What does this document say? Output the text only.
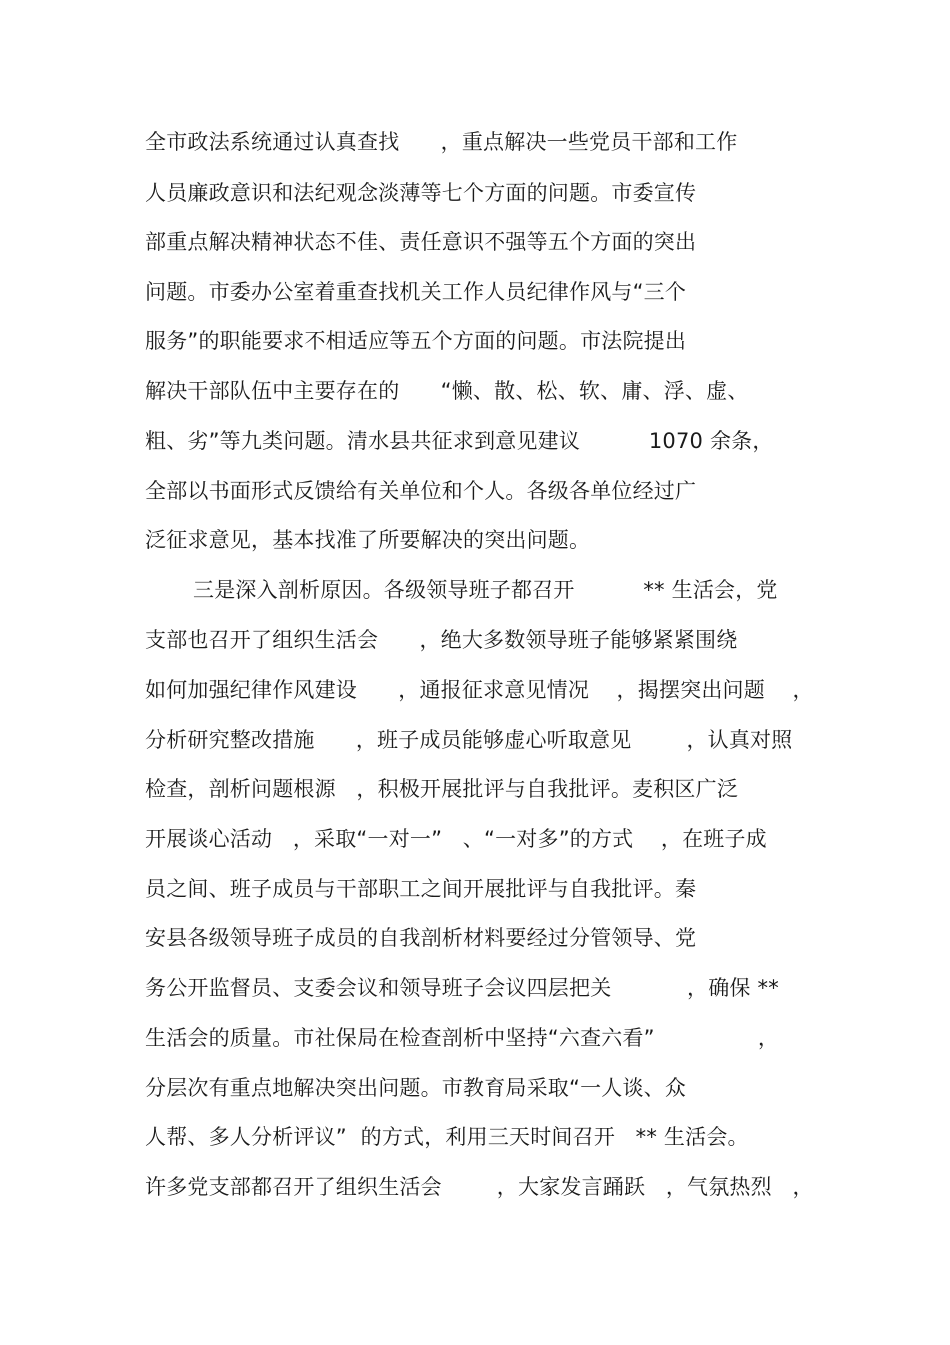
全市政法系统通过认真查找      ，重点解决一些党员干部和工作
人员廉政意识和法纪观念淡薄等七个方面的问题。市委宣传
部重点解决精神状态不佳、责任意识不强等五个方面的突出
问题。市委办公室着重查找机关工作人员纪律作风与“三个
服务”的职能要求不相适应等五个方面的问题。市法院提出
解决干部队伍中主要存在的      “懒、散、松、软、庸、浮、虚、
粗、劣”等九类问题。清水县共征求到意见建议          1070 余条，
全部以书面形式反馈给有关单位和个人。各级各单位经过广
泛征求意见，基本找准了所要解决的突出问题。
三是深入剖析原因。各级领导班子都召开          ** 生活会，党
支部也召开了组织生活会      ，绝大多数领导班子能够紧紧围绕
如何加强纪律作风建设      ，通报征求意见情况    ，揭摆突出问题    ，
分析研究整改措施      ，班子成员能够虚心听取意见        ，认真对照
检查，剖析问题根源   ，积极开展批评与自我批评。麦积区广泛
开展谈心活动   ，采取“一对一”   、“一对多”的方式    ，在班子成
员之间、班子成员与干部职工之间开展批评与自我批评。秦
安县各级领导班子成员的自我剖析材料要经过分管领导、党
务公开监督员、支委会议和领导班子会议四层把关           ，确保 **
生活会的质量。市社保局在检查剖析中坚持“六查六看”               ，
分层次有重点地解决突出问题。市教育局采取“一人谈、众
人帮、多人分析评议”  的方式，利用三天时间召开   ** 生活会。
许多党支部都召开了组织生活会        ，大家发言踊跃   ，气氛热烈   ，
